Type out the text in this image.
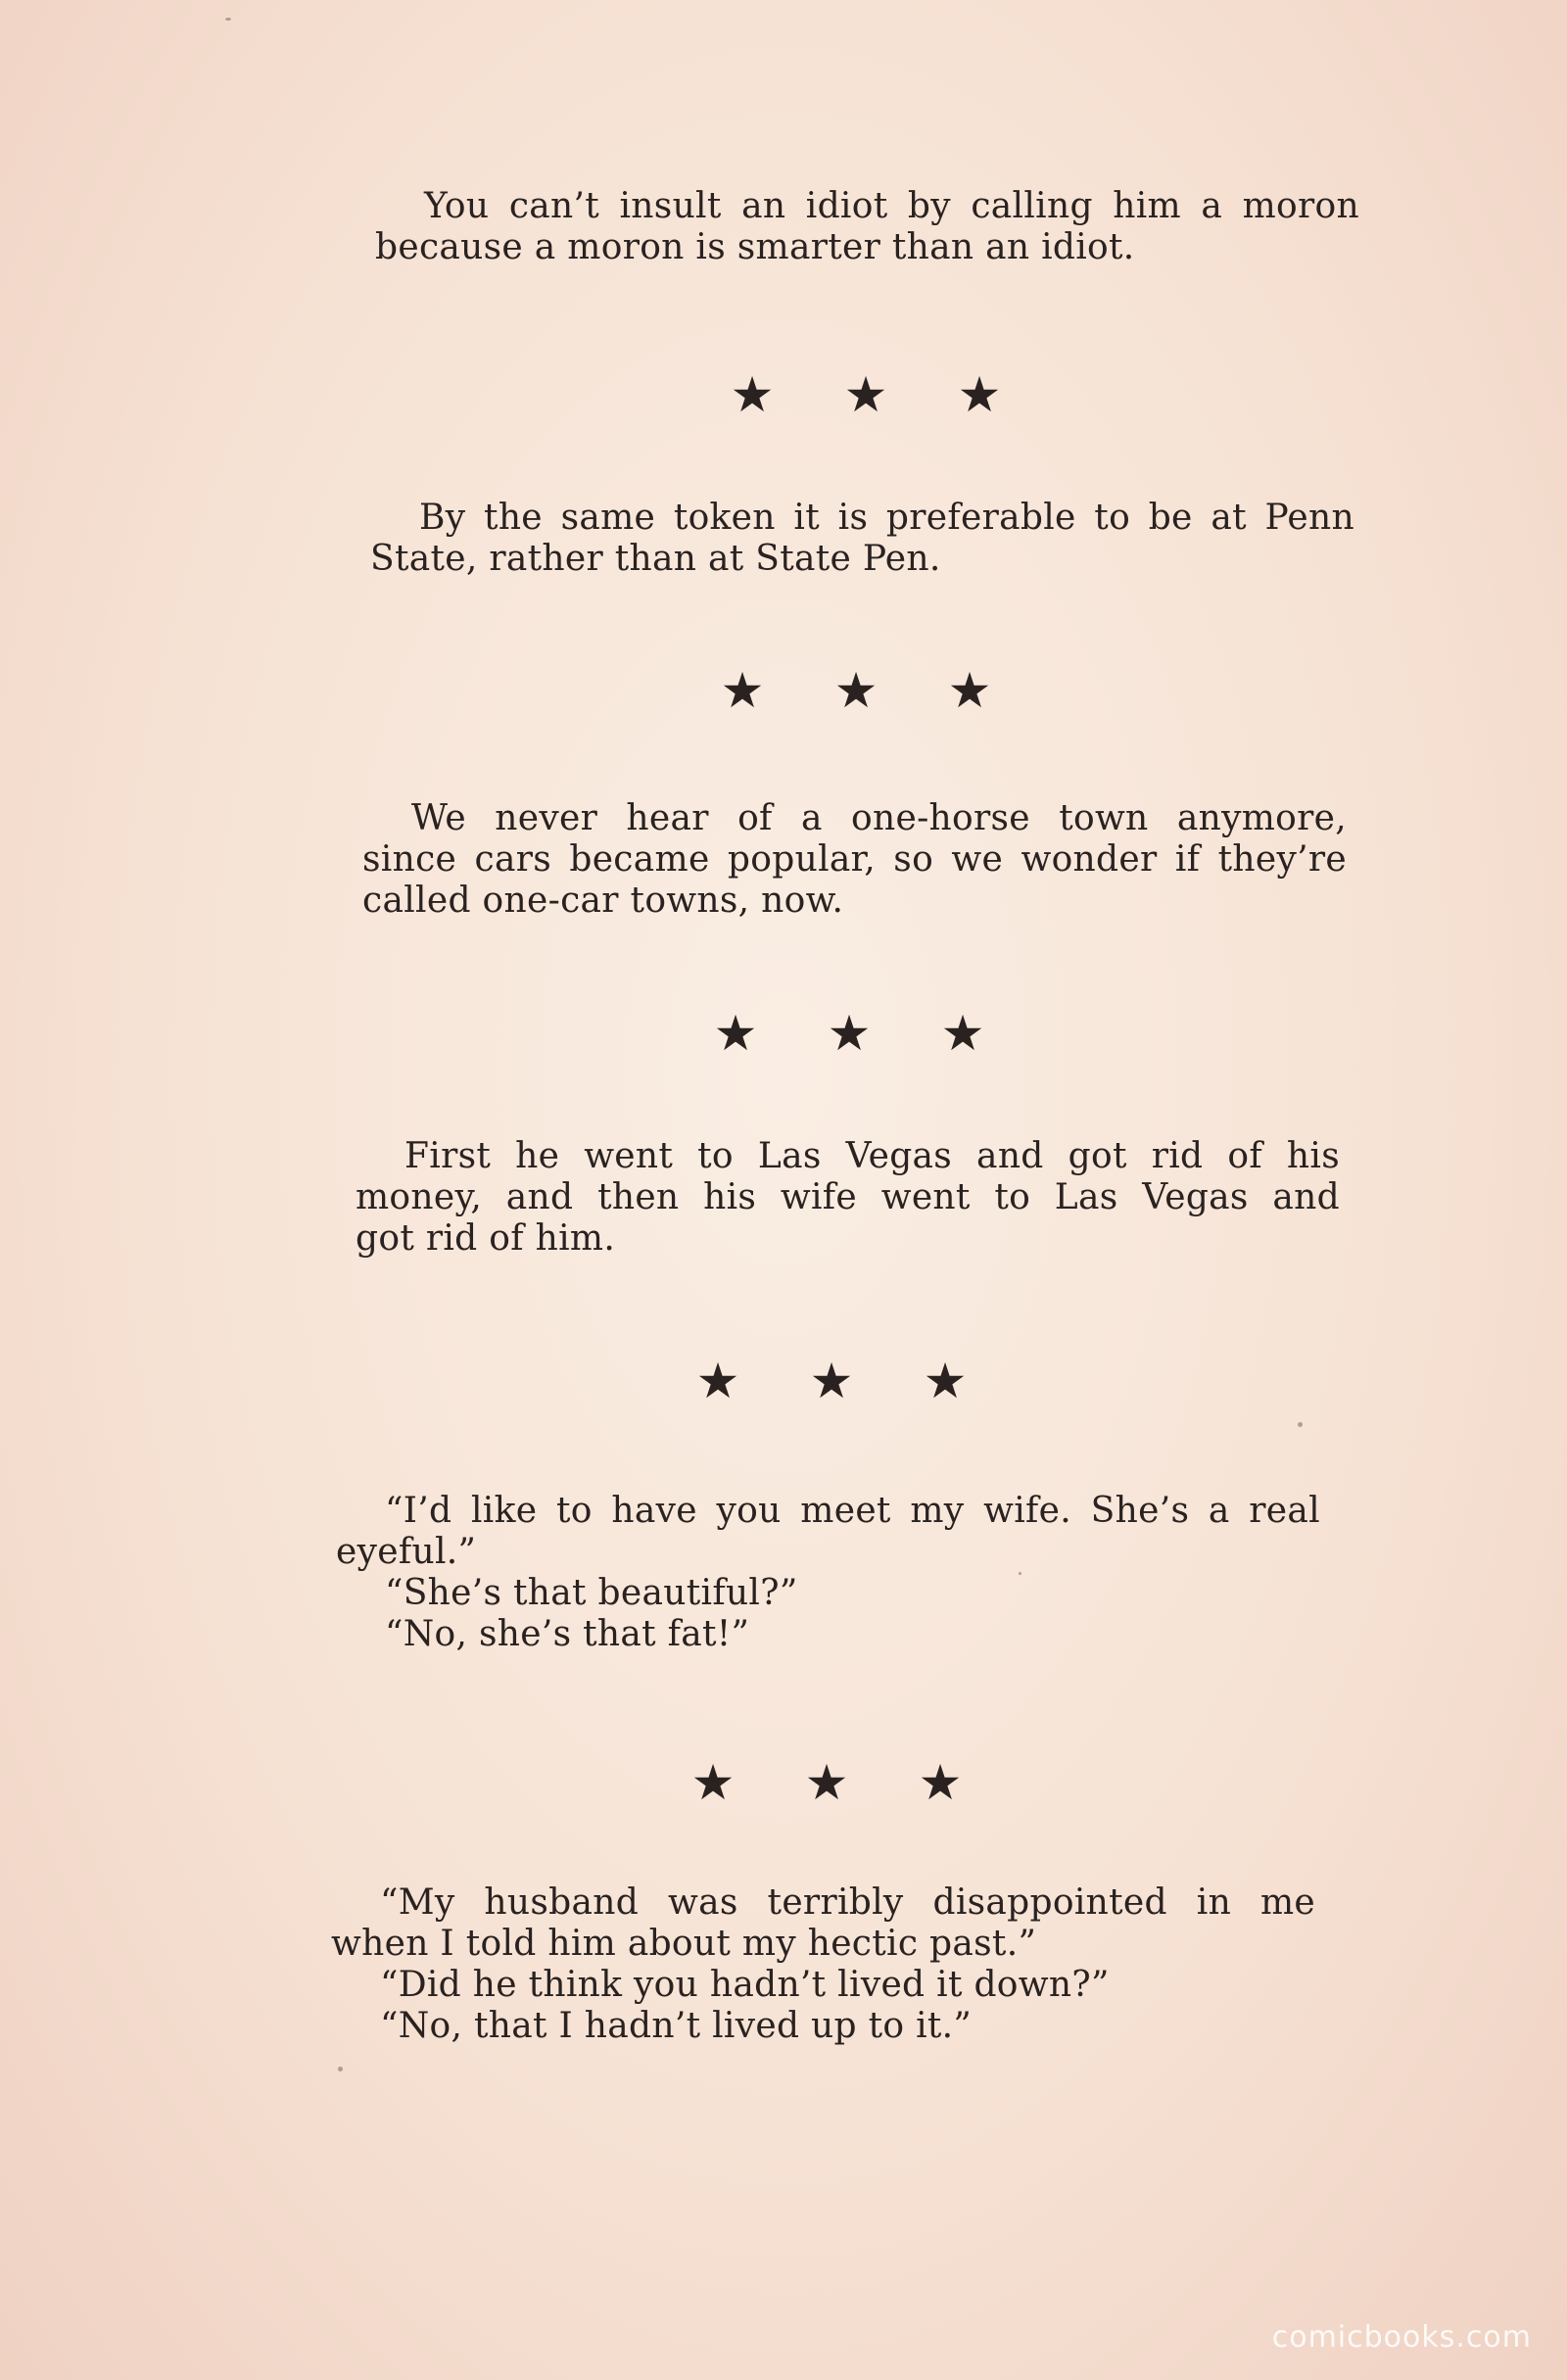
You can’t insult an idiot by calling him a moron
because a moron is smarter than an idiot.
★	★	★
By the same token it is preferable to be at Penn
State, rather than at State Pen.
★	★	★
We never hear of a one-horse town anymore,
since cars became popular, so we wonder if they’re
called one-car towns, now.
★	★	★
First he went to Las Vegas and got rid of his
money, and then his wife went to Las Vegas and
got rid of him.
★	★	★
“I’d like to have you meet my wife. She’s a real
eyeful.”
“She’s that beautiful?”
“No, she’s that fat!”
★	★	★
“My husband was terribly disappointed in me
when I told him about my hectic past.”
“Did he think you hadn’t lived it down?”
“No, that I hadn’t lived up to it.”
comicbooks.com
